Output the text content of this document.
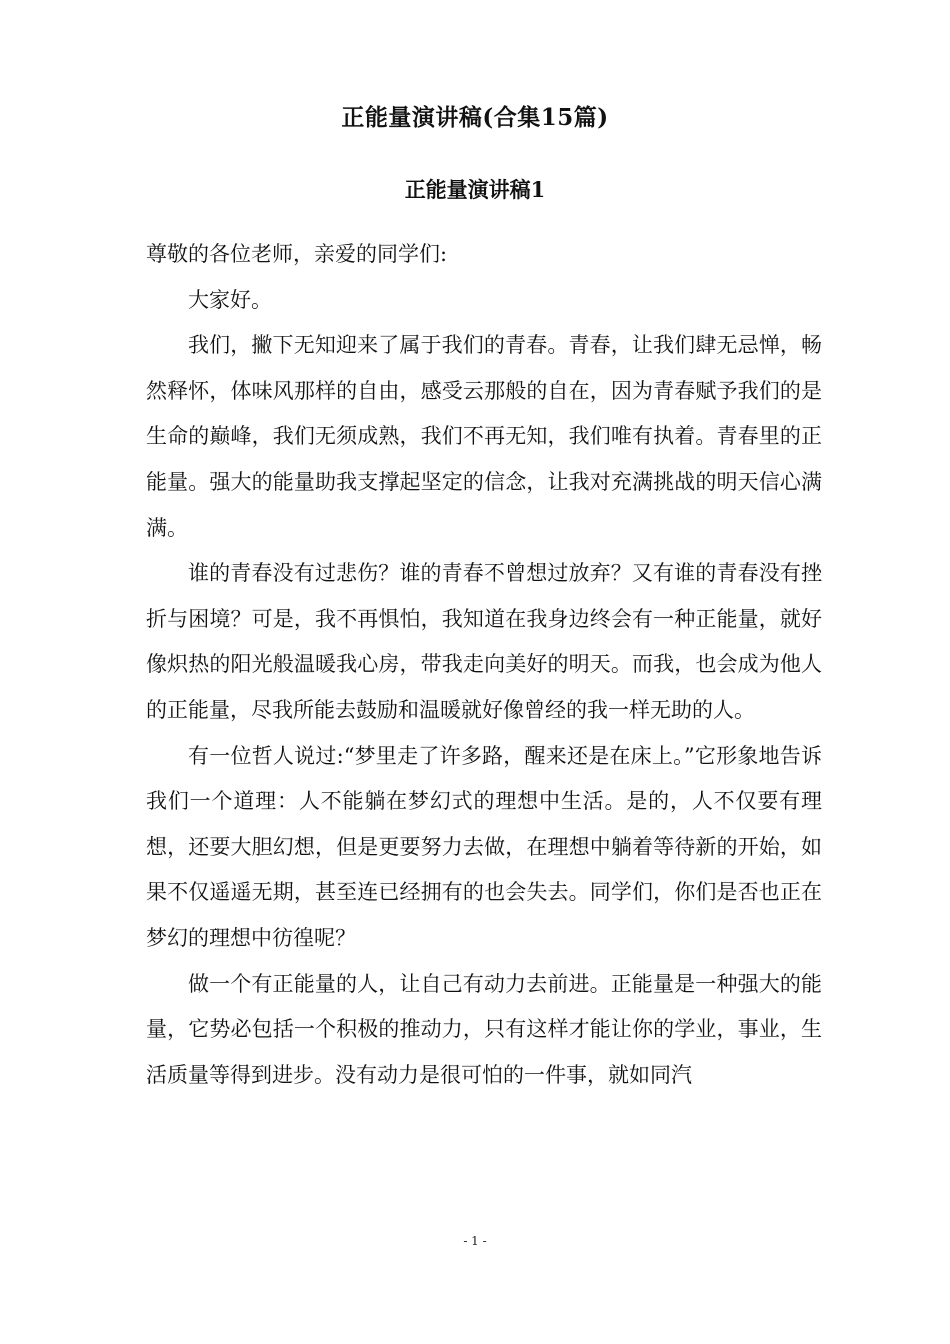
正能量演讲稿(合集15篇)
正能量演讲稿1

尊敬的各位老师，亲爱的同学们:

大家好。

我们，撇下无知迎来了属于我们的青春。青春，让我们肆无忌惮，畅然释怀，体味风那样的自由，感受云那般的自在，因为青春赋予我们的是生命的巅峰，我们无须成熟，我们不再无知，我们唯有执着。青春里的正能量。强大的能量助我支撑起坚定的信念，让我对充满挑战的明天信心满满。

谁的青春没有过悲伤？谁的青春不曾想过放弃？又有谁的青春没有挫折与困境？可是，我不再惧怕，我知道在我身边终会有一种正能量，就好像炽热的阳光般温暖我心房，带我走向美好的明天。而我，也会成为他人的正能量，尽我所能去鼓励和温暖就好像曾经的我一样无助的人。

有一位哲人说过:“梦里走了许多路，醒来还是在床上。”它形象地告诉我们一个道理：人不能躺在梦幻式的理想中生活。是的，人不仅要有理想，还要大胆幻想，但是更要努力去做，在理想中躺着等待新的开始，如果不仅遥遥无期，甚至连已经拥有的也会失去。同学们，你们是否也正在梦幻的理想中彷徨呢？

做一个有正能量的人，让自己有动力去前进。正能量是一种强大的能量，它势必包括一个积极的推动力，只有这样才能让你的学业，事业，生活质量等得到进步。没有动力是很可怕的一件事，就如同汽

- 1 -
